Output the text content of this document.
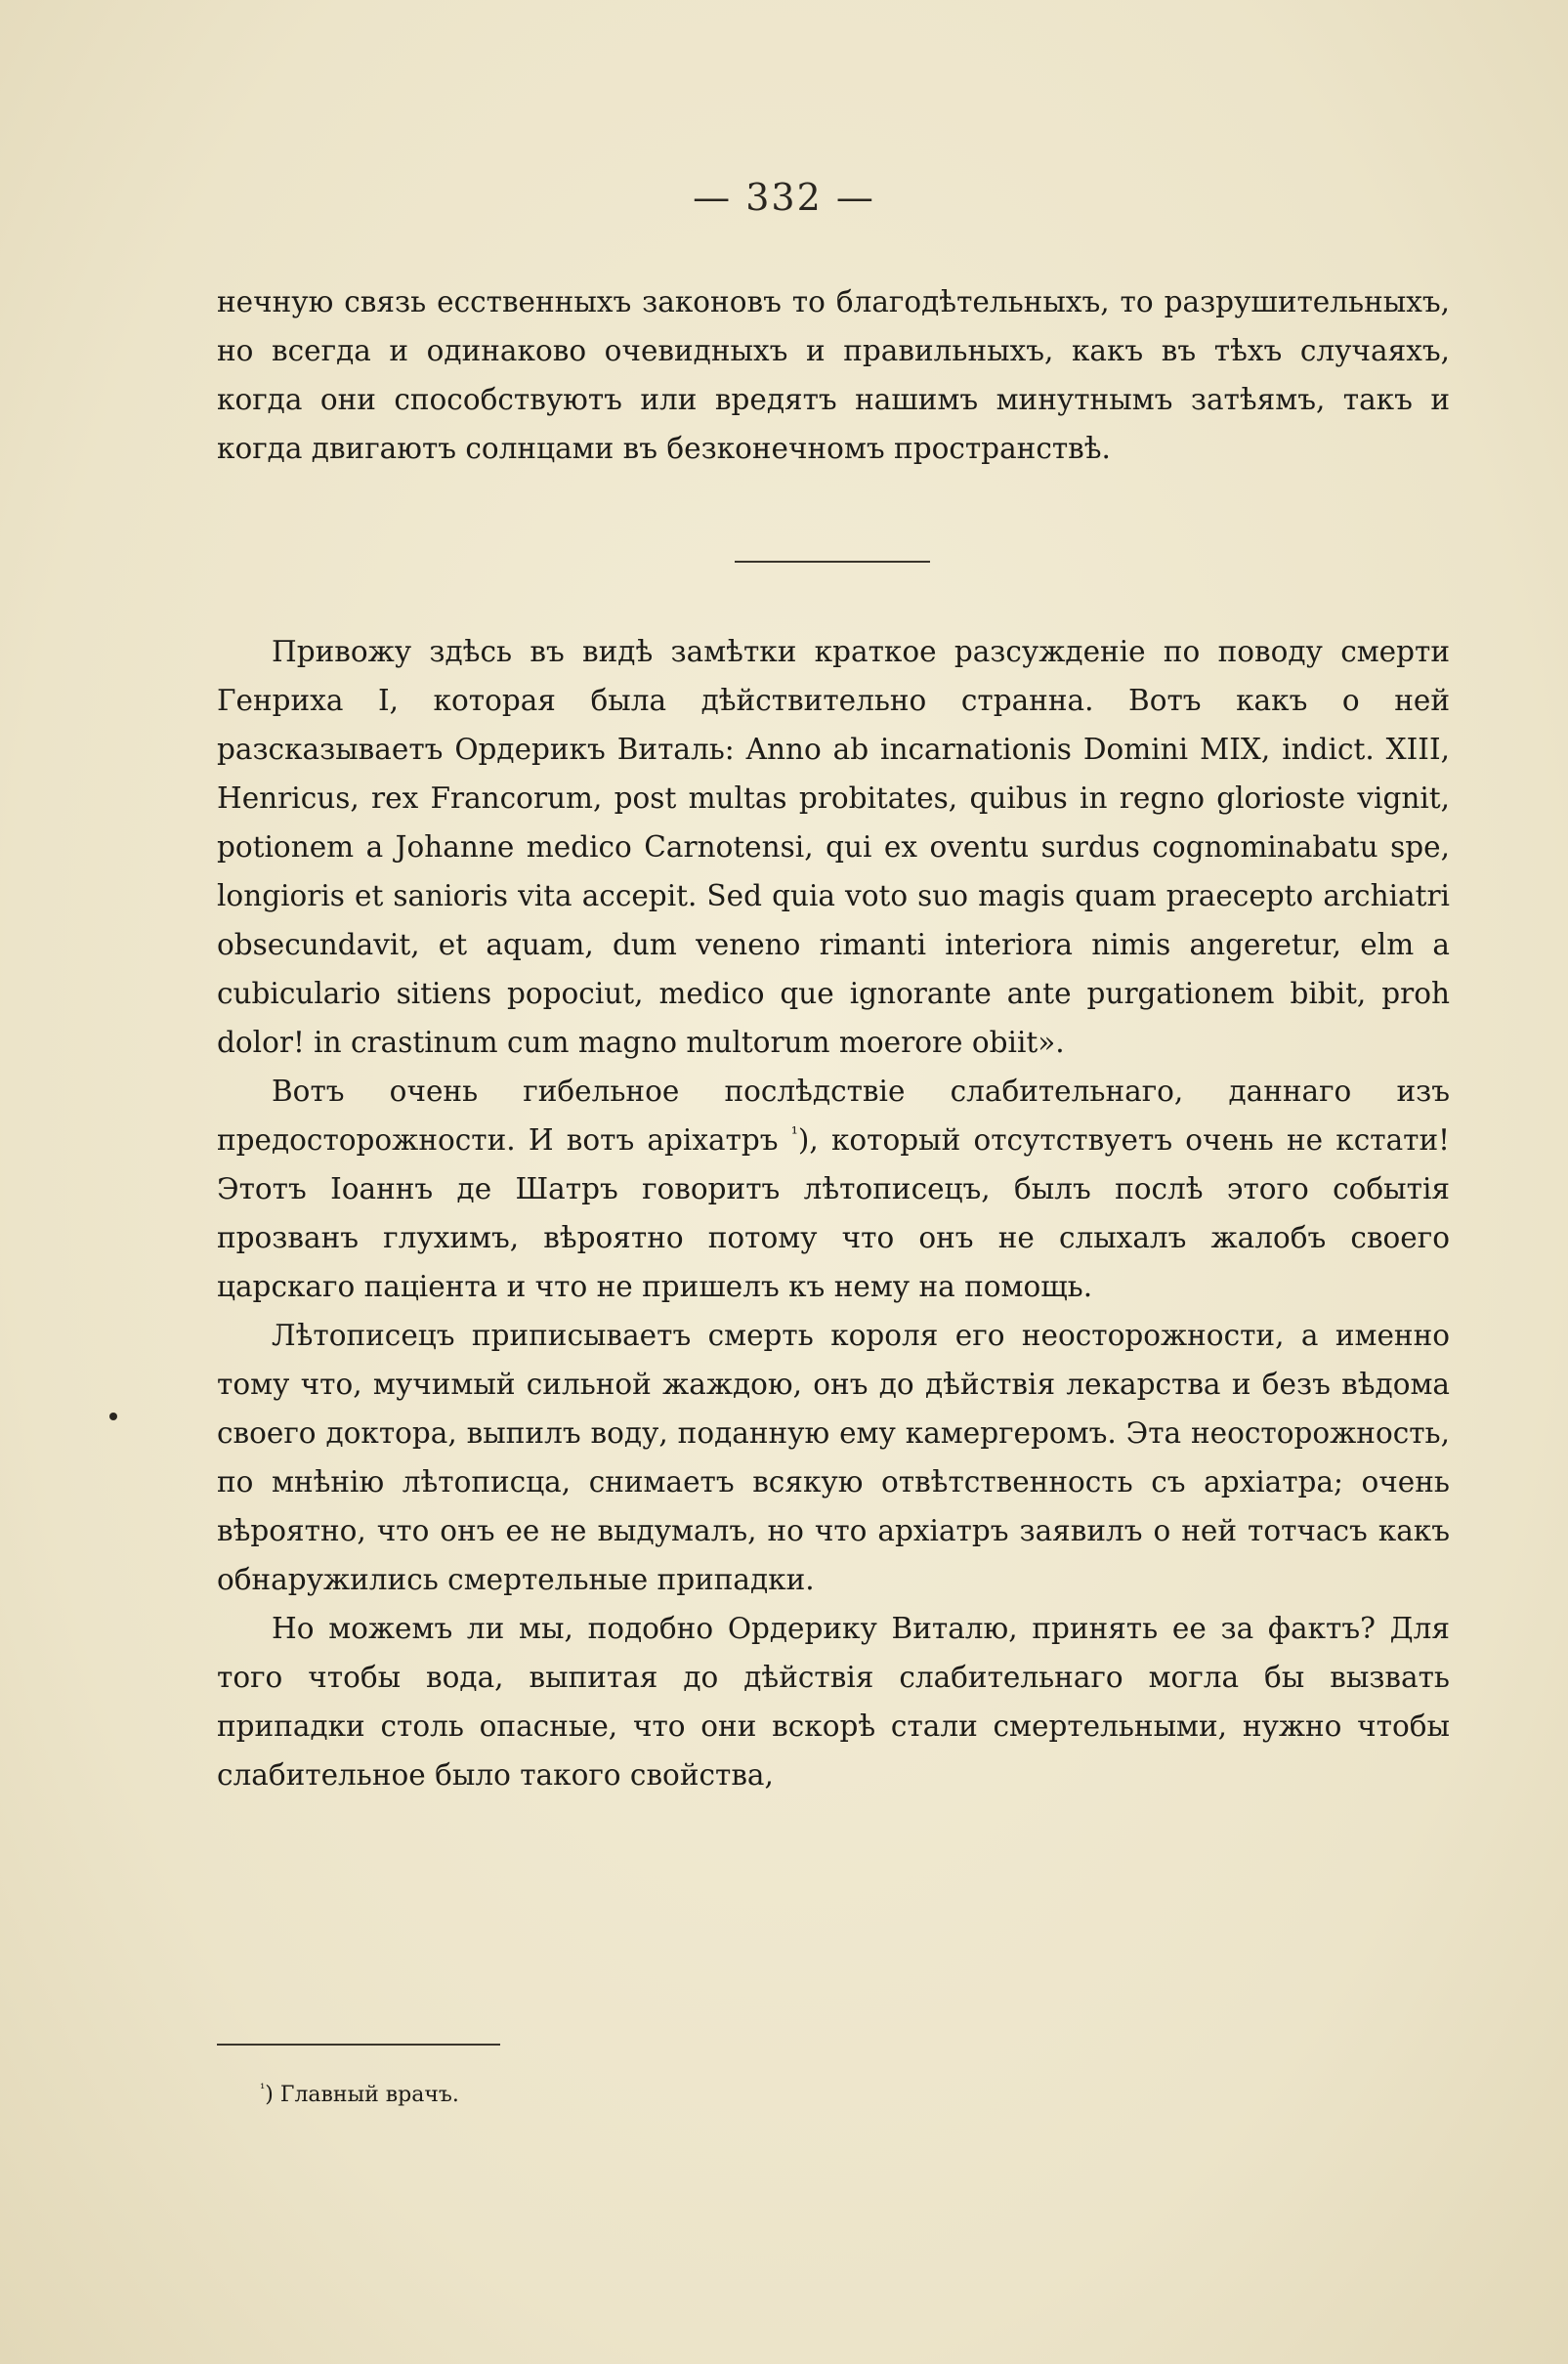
— 332 —

нечную связь есственныхъ законовъ то благодѣтельныхъ, то разрушительныхъ, но всегда и одинаково очевидныхъ и правильныхъ, какъ въ тѣхъ случаяхъ, когда они способствуютъ или вредятъ нашимъ минутнымъ затѣямъ, такъ и когда двигаютъ солнцами въ безконечномъ пространствѣ.

Привожу здѣсь въ видѣ замѣтки краткое разсужденіе по поводу смерти Генриха I, которая была дѣйствительно странна. Вотъ какъ о ней разсказываетъ Ордерикъ Виталь: Anno ab incarnationis Domini MIX, indict. XIII, Henricus, rex Francorum, post multas probitates, quibus in regno glorioste vignit, potionem a Johanne medico Carnotensi, qui ex oventu surdus cognominabatu spe, longioris et sanioris vita accepit. Sed quia voto suo magis quam praecepto archiatri obsecundavit, et aquam, dum veneno rimanti interiora nimis angeretur, elm a cubiculario sitiens popociut, medico que ignorante ante purgationem bibit, proh dolor! in crastinum cum magno multorum moerore obiit».

Вотъ очень гибельное послѣдствіе слабительнаго, даннаго изъ предосторожности. И вотъ аріхатръ $^{^1}$), который отсутствуетъ очень не кстати! Этотъ Іоаннъ де Шатръ говоритъ лѣтописецъ, былъ послѣ этого событія прозванъ глухимъ, вѣроятно потому что онъ не слыхалъ жалобъ своего царскаго паціента и что не пришелъ къ нему на помощь.

Лѣтописецъ приписываетъ смерть короля его неосторожности, а именно тому что, мучимый сильной жаждою, онъ до дѣйствія лекарства и безъ вѣдома своего доктора, выпилъ воду, поданную ему камергеромъ. Эта неосторожность, по мнѣнію лѣтописца, снимаетъ всякую отвѣтственность съ архіатра; очень вѣроятно, что онъ ее не выдумалъ, но что архіатръ заявилъ о ней тотчасъ какъ обнаружились смертельные припадки.

Но можемъ ли мы, подобно Ордерику Виталю, принять ее за фактъ? Для того чтобы вода, выпитая до дѣйствія слабительнаго могла бы вызвать припадки столь опасные, что они вскорѣ стали смертельными, нужно чтобы слабительное было такого свойства,

$^{^1}$) Главный врачъ.
